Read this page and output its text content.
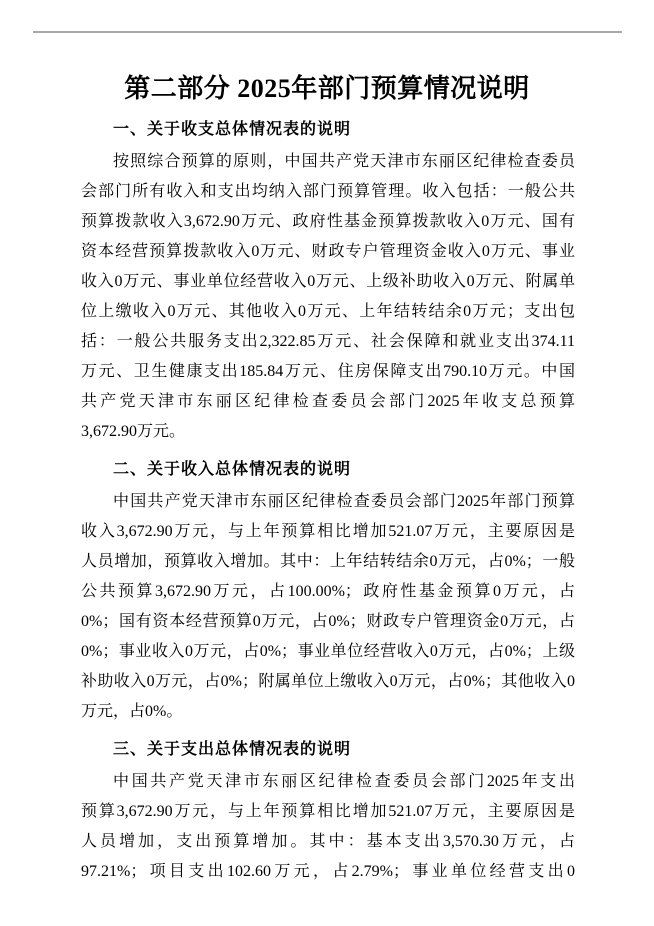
第二部分 2025年部门预算情况说明
一、关于收支总体情况表的说明
按照综合预算的原则，中国共产党天津市东丽区纪律检查委员
会部门所有收入和支出均纳入部门预算管理。收入包括：一般公共
预算拨款收入3,672.90万元、政府性基金预算拨款收入0万元、国有
资本经营预算拨款收入0万元、财政专户管理资金收入0万元、事业
收入0万元、事业单位经营收入0万元、上级补助收入0万元、附属单
位上缴收入0万元、其他收入0万元、上年结转结余0万元；支出包
括：一般公共服务支出2,322.85万元、社会保障和就业支出374.11
万元、卫生健康支出185.84万元、住房保障支出790.10万元。中国
共产党天津市东丽区纪律检查委员会部门2025年收支总预算
3,672.90万元。
二、关于收入总体情况表的说明
中国共产党天津市东丽区纪律检查委员会部门2025年部门预算
收入3,672.90万元，与上年预算相比增加521.07万元，主要原因是
人员增加，预算收入增加。其中：上年结转结余0万元，占0%；一般
公共预算3,672.90万元，占100.00%；政府性基金预算0万元，占
0%；国有资本经营预算0万元，占0%；财政专户管理资金0万元，占
0%；事业收入0万元，占0%；事业单位经营收入0万元，占0%；上级
补助收入0万元，占0%；附属单位上缴收入0万元，占0%；其他收入0
万元，占0%。
三、关于支出总体情况表的说明
中国共产党天津市东丽区纪律检查委员会部门2025年支出
预算3,672.90万元，与上年预算相比增加521.07万元，主要原因是
人员增加，支出预算增加。其中：基本支出3,570.30万元，占
97.21%；项目支出102.60万元，占2.79%；事业单位经营支出0
